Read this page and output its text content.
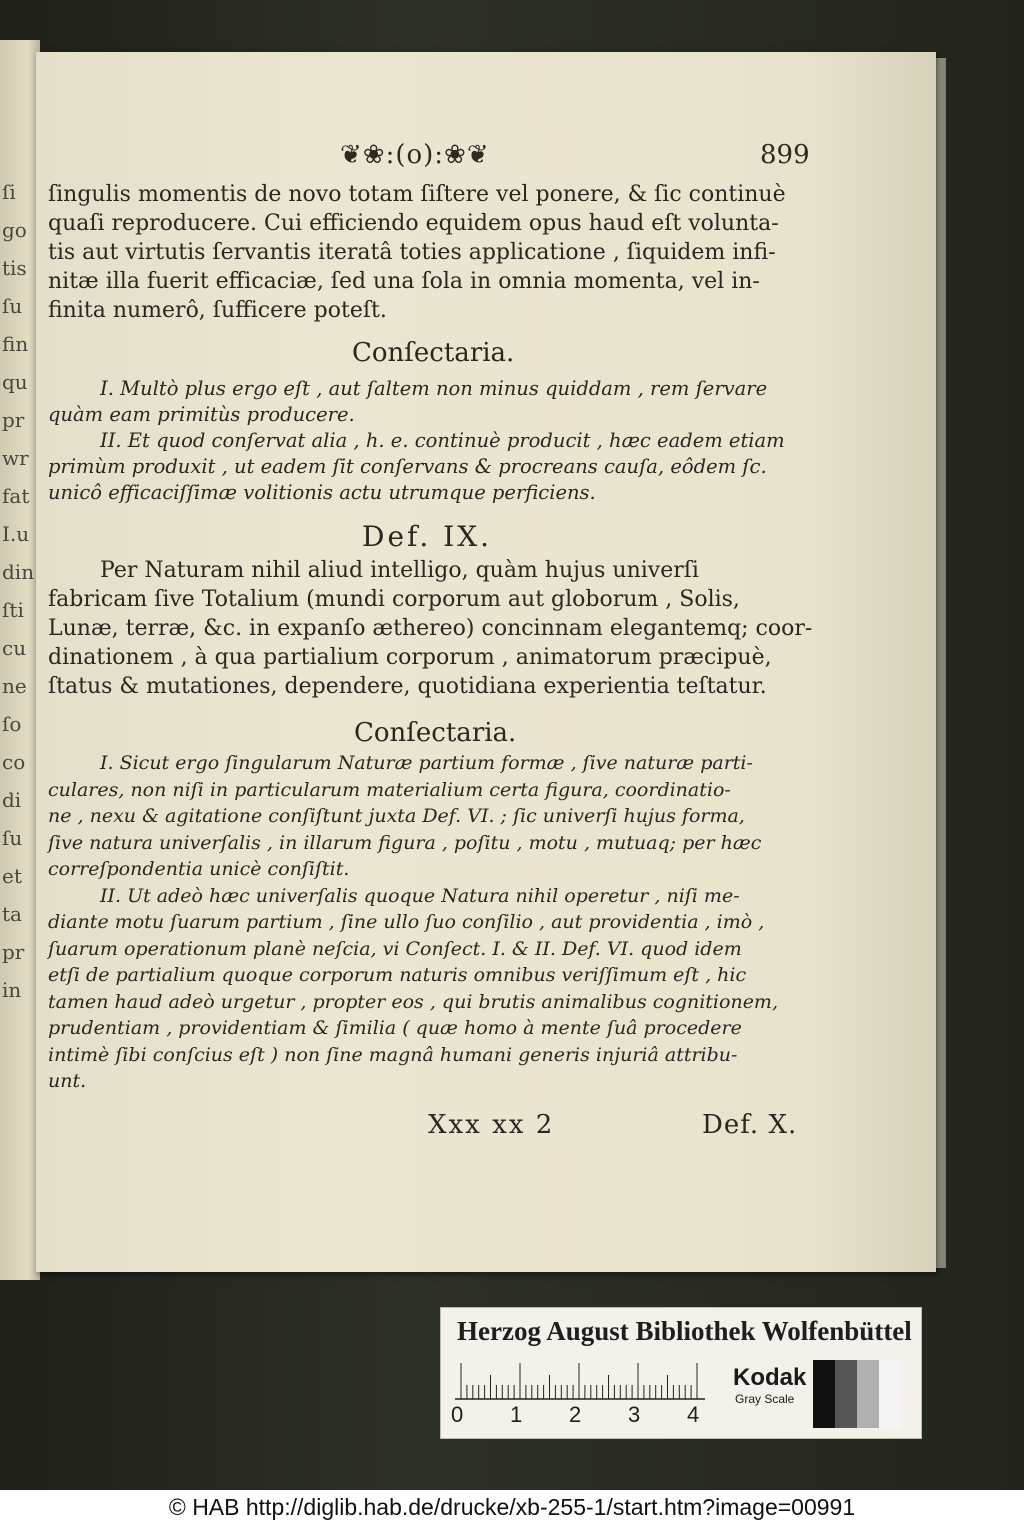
ſi
go
tis
ſu
fin
qu
pr
wr
fat
I.u
din
ſti
cu
ne
ſo
co
di
ſu
et
ta
pr
in
❦❀:(o):❀❦	899
ſingulis momentis de novo totam ſiſtere vel ponere, & ſic continuè
quaſi reproducere. Cui efficiendo equidem opus haud eſt volunta-
tis aut virtutis ſervantis iteratâ toties applicatione , ſiquidem infi-
nitæ illa fuerit efficaciæ, ſed una ſola in omnia momenta, vel in-
finita numerô, ſufficere poteſt.
Conſectaria.
I. Multò plus ergo eſt , aut ſaltem non minus quiddam , rem ſervare
quàm eam primitùs producere.
II. Et quod conſervat alia , h. e. continuè producit , hæc eadem etiam
primùm produxit , ut eadem ſit conſervans & procreans cauſa, eôdem ſc.
unicô efficaciſſimæ volitionis actu utrumque perficiens.
Def. IX.
Per Naturam nihil aliud intelligo, quàm hujus univerſi
fabricam ſive Totalium (mundi corporum aut globorum , Solis,
Lunæ, terræ, &c. in expanſo æthereo) concinnam elegantemq; coor-
dinationem , à qua partialium corporum , animatorum præcipuè,
ſtatus & mutationes, dependere, quotidiana experientia teſtatur.
Conſectaria.
I. Sicut ergo ſingularum Naturæ partium formæ , ſive naturæ parti-
culares, non niſi in particularum materialium certa figura, coordinatio-
ne , nexu & agitatione conſiſtunt juxta Def. VI. ; ſic univerſi hujus forma,
ſive natura univerſalis , in illarum figura , poſitu , motu , mutuaq; per hæc
correſpondentia unicè conſiſtit.
II. Ut adeò hæc univerſalis quoque Natura nihil operetur , niſi me-
diante motu ſuarum partium , ſine ullo ſuo conſilio , aut providentia , imò ,
ſuarum operationum planè neſcia, vi Conſect. I. & II. Def. VI. quod idem
etſi de partialium quoque corporum naturis omnibus veriſſimum eſt , hic
tamen haud adeò urgetur , propter eos , qui brutis animalibus cognitionem,
prudentiam , providentiam & ſimilia ( quæ homo à mente ſuâ procedere
intimè ſibi conſcius eſt ) non ſine magnâ humani generis injuriâ attribu-
unt.
Xxx xx 2	Def. X.
Herzog August Bibliothek Wolfenbüttel
0 1 2 3 4
Kodak
Gray Scale
© HAB http://diglib.hab.de/drucke/xb-255-1/start.htm?image=00991
